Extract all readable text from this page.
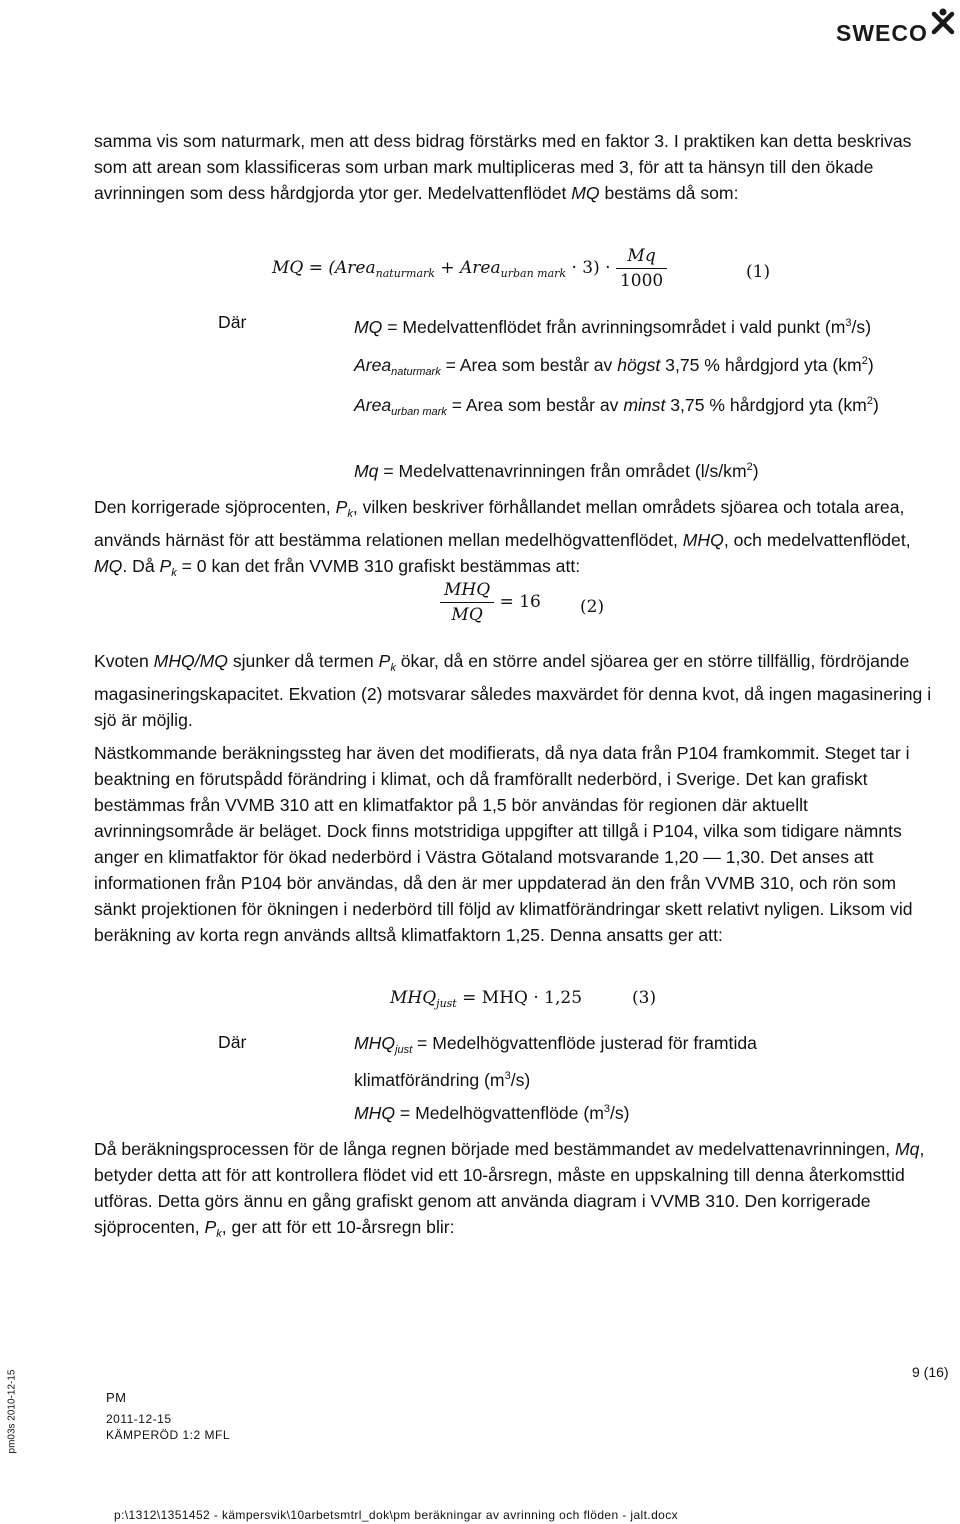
SWECO

samma vis som naturmark, men att dess bidrag förstärks med en faktor 3. I praktiken kan detta beskrivas som att arean som klassificeras som urban mark multipliceras med 3, för att ta hänsyn till den ökade avrinningen som dess hårdgjorda ytor ger. Medelvattenflödet MQ bestäms då som:

MQ = (Area$_{naturmark}$ + Area$_{urban mark}$ · $3) \cdot \frac{Mq}{1000}$	(1)
Där	MQ = Medelvattenflödet från avrinningsområdet i vald punkt $(m^3/s)$
Area$_{naturmark}$ = Area som består av högst 3,75 % hårdgjord yta $(km^2)$
Area$_{urban mark}$ = Area som består av minst 3,75 % hårdgjord yta $(km^2)$
Mq = Medelvattenavrinningen från området $(l/s/km^2)$

Den korrigerade sjöprocenten, $P_k$, vilken beskriver förhållandet mellan områdets sjöarea och totala area, används härnäst för att bestämma relationen mellan medelhögvattenflödet, MHQ, och medelvattenflödet, MQ. Då $P_k = 0$ kan det från VVMB 310 grafiskt bestämmas att:

$\frac{\text{MHQ}}{MQ} = 16$ (2)

Kvoten MHQ/MQ sjunker då termen $P_k$ ökar, då en större andel sjöarea ger en större tillfällig, fördröjande magasineringskapacitet. Ekvation (2) motsvarar således maxvärdet för denna kvot, då ingen magasinering i sjö är möjlig.

Nästkommande beräkningssteg har även det modifierats, då nya data från P104 framkommit. Steget tar i beaktning en förutspådd förändring i klimat, och då framförallt nederbörd, i Sverige. Det kan grafiskt bestämmas från VVMB 310 att en klimatfaktor på 1,5 bör användas för regionen där aktuellt avrinningsområde är beläget. Dock finns motstridiga uppgifter att tillgå i P104, vilka som tidigare nämnts anger en klimatfaktor för ökad nederbörd i Västra Götaland motsvarande 1,20 — 1,30. Det anses att informationen från P104 bör användas, då den är mer uppdaterad än den från VVMB 310, och rön som sänkt projektionen för ökningen i nederbörd till följd av klimatförändringar skett relativt nyligen. Liksom vid beräkning av korta regn används alltså klimatfaktorn 1,25. Denna ansatts ger att:

$MHQ_{just}$ = MHQ · 1,25	(3)
Där	$MHQ_{just}$ = Medelhögvattenflöde justerad för framtida klimatförändring $(m^3/s)$
MHQ = Medelhögvattenflöde $(m^3/s)$

Då beräkningsprocessen för de långa regnen började med bestämmandet av medelvattenavrinningen, Mq, betyder detta att för att kontrollera flödet vid ett 10-årsregn, måste en uppskalning till denna återkomsttid utföras. Detta görs ännu en gång grafiskt genom att använda diagram i VVMB 310. Den korrigerade sjöprocenten, $P_k$, ger att för ett 10-årsregn blir:

9 (16)
PM
2011-12-15
KÄMPERÖD 1:2 MFL
pm03s 2010-12-15
p:\1312\1351452 - kämpersvik\10arbetsmtrl_dok\pm beräkningar av avrinning och flöden - jalt.docx
